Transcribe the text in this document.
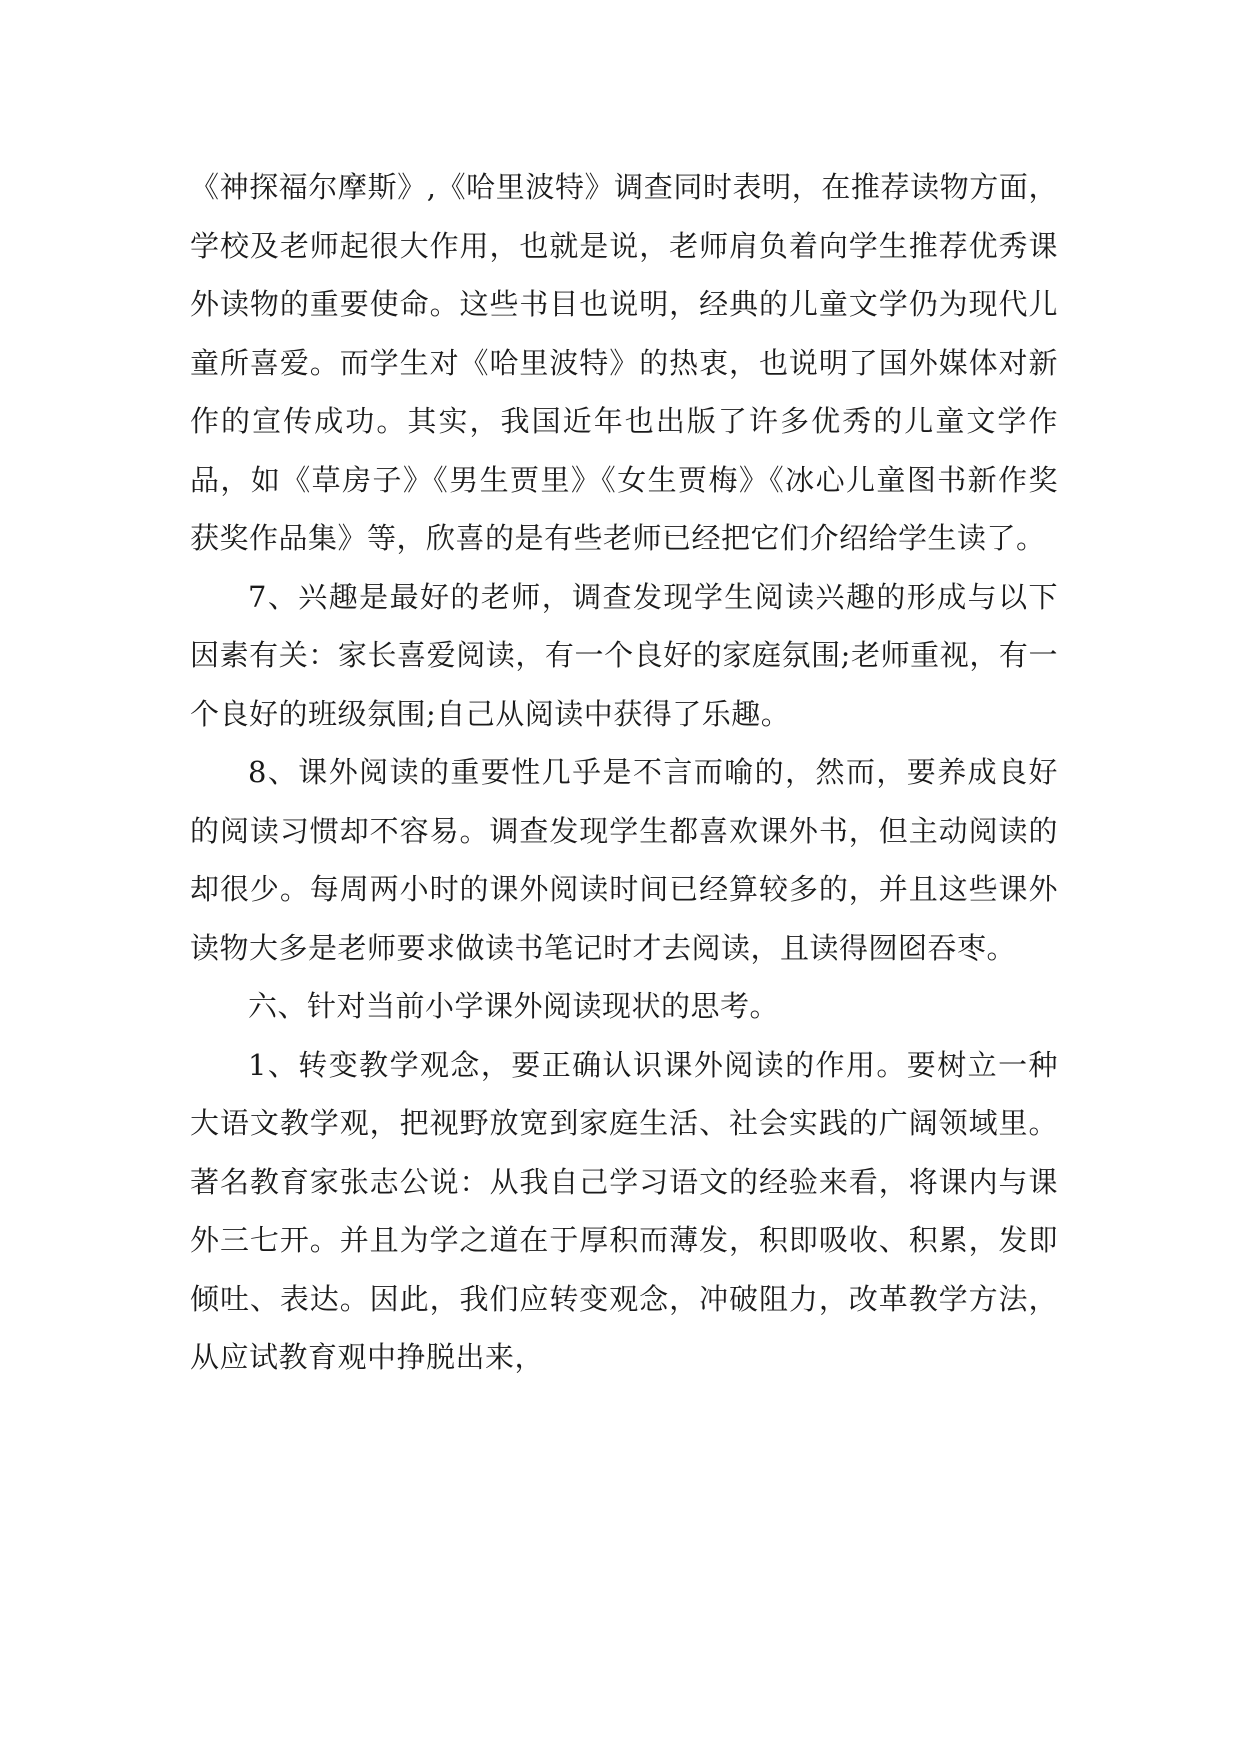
《神探福尔摩斯》,《哈里波特》调查同时表明，在推荐读物方面，学校及老师起很大作用，也就是说，老师肩负着向学生推荐优秀课外读物的重要使命。这些书目也说明，经典的儿童文学仍为现代儿童所喜爱。而学生对《哈里波特》的热衷，也说明了国外媒体对新作的宣传成功。其实，我国近年也出版了许多优秀的儿童文学作品，如《草房子》《男生贾里》《女生贾梅》《冰心儿童图书新作奖获奖作品集》等，欣喜的是有些老师已经把它们介绍给学生读了。

7、兴趣是最好的老师，调查发现学生阅读兴趣的形成与以下因素有关：家长喜爱阅读，有一个良好的家庭氛围;老师重视，有一个良好的班级氛围;自己从阅读中获得了乐趣。

8、课外阅读的重要性几乎是不言而喻的，然而，要养成良好的阅读习惯却不容易。调查发现学生都喜欢课外书，但主动阅读的却很少。每周两小时的课外阅读时间已经算较多的，并且这些课外读物大多是老师要求做读书笔记时才去阅读，且读得囫囵吞枣。

六、针对当前小学课外阅读现状的思考。

1、转变教学观念，要正确认识课外阅读的作用。要树立一种大语文教学观，把视野放宽到家庭生活、社会实践的广阔领域里。著名教育家张志公说：从我自己学习语文的经验来看，将课内与课外三七开。并且为学之道在于厚积而薄发，积即吸收、积累，发即倾吐、表达。因此，我们应转变观念，冲破阻力，改革教学方法，从应试教育观中挣脱出来，
